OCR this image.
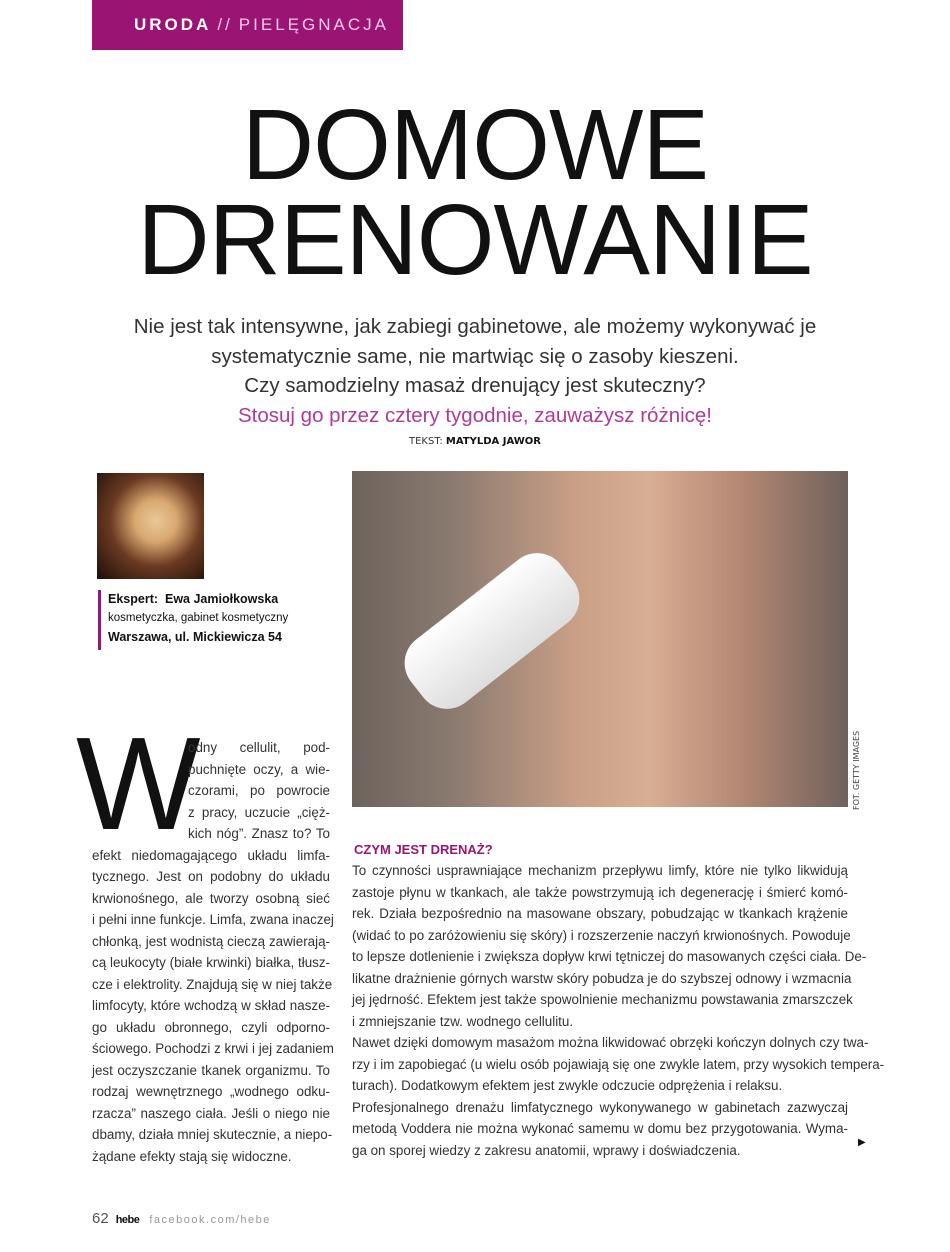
URODA // PIELĘGNACJA
DOMOWE
DRENOWANIE
Nie jest tak intensywne, jak zabiegi gabinetowe, ale możemy wykonywać je
systematycznie same, nie martwiąc się o zasoby kieszeni.
Czy samodzielny masaż drenujący jest skuteczny?
Stosuj go przez cztery tygodnie, zauważysz różnicę!
TEKST: MATYLDA JAWOR
Ekspert: Ewa Jamiołkowska
kosmetyczka, gabinet kosmetyczny
Warszawa, ul. Mickiewicza 54
FOT. GETTY IMAGES
W
odny cellulit, pod-
puchnięte oczy, a wie-
czorami, po powrocie
z pracy, uczucie „cięż-
kich nóg”. Znasz to? To
efekt niedomagającego układu limfa-
tycznego. Jest on podobny do układu
krwionośnego, ale tworzy osobną sieć
i pełni inne funkcje. Limfa, zwana inaczej
chłonką, jest wodnistą cieczą zawierają-
cą leukocyty (białe krwinki) białka, tłusz-
cze i elektrolity. Znajdują się w niej także
limfocyty, które wchodzą w skład nasze-
go układu obronnego, czyli odporno-
ściowego. Pochodzi z krwi i jej zadaniem
jest oczyszczanie tkanek organizmu. To
rodzaj wewnętrznego „wodnego odku-
rzacza” naszego ciała. Jeśli o niego nie
dbamy, działa mniej skutecznie, a niepo-
żądane efekty stają się widoczne.
CZYM JEST DRENAŻ?
To czynności usprawniające mechanizm przepływu limfy, które nie tylko likwidują
zastoje płynu w tkankach, ale także powstrzymują ich degenerację i śmierć komó-
rek. Działa bezpośrednio na masowane obszary, pobudzając w tkankach krążenie
(widać to po zaróżowieniu się skóry) i rozszerzenie naczyń krwionośnych. Powoduje
to lepsze dotlenienie i zwiększa dopływ krwi tętniczej do masowanych części ciała. De-
likatne drażnienie górnych warstw skóry pobudza je do szybszej odnowy i wzmacnia
jej jędrność. Efektem jest także spowolnienie mechanizmu powstawania zmarszczek
i zmniejszanie tzw. wodnego cellulitu.
Nawet dzięki domowym masażom można likwidować obrzęki kończyn dolnych czy twa-
rzy i im zapobiegać (u wielu osób pojawiają się one zwykle latem, przy wysokich tempera-
turach). Dodatkowym efektem jest zwykle odczucie odprężenia i relaksu.
Profesjonalnego drenażu limfatycznego wykonywanego w gabinetach zazwyczaj
metodą Voddera nie można wykonać samemu w domu bez przygotowania. Wyma-
ga on sporej wiedzy z zakresu anatomii, wprawy i doświadczenia.	▶
62 hebe facebook.com/hebe
